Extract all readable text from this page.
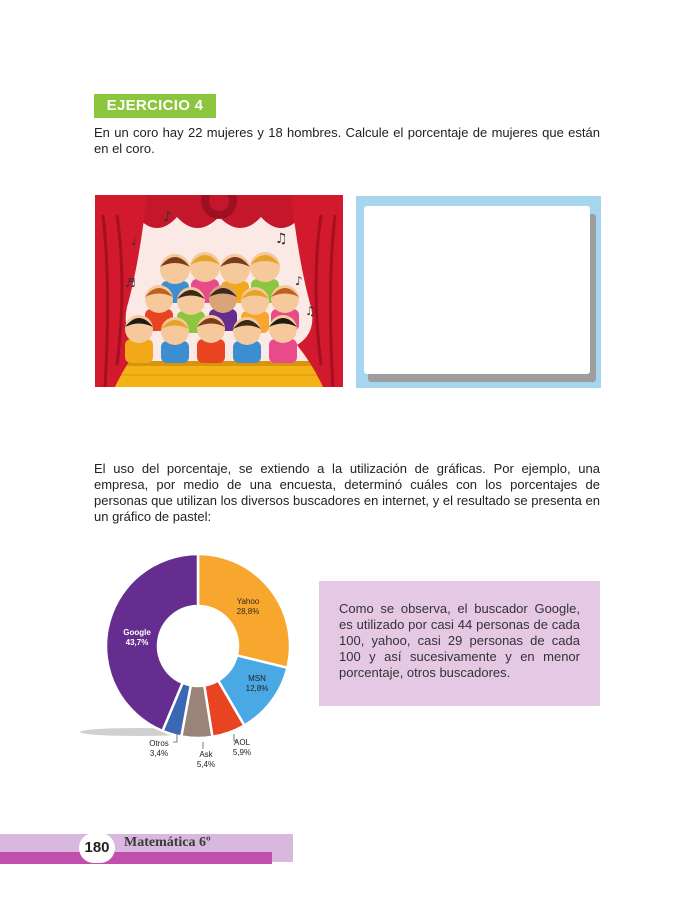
EJERCICIO 4

En un coro hay 22 mujeres y 18 hombres. Calcule el porcentaje de mujeres que están en el coro.

♪
♫
♩
♪
♬
♫

El uso del porcentaje, se extiendo a la utilización de gráficas. Por ejemplo, una empresa, por medio de una encuesta, determinó cuáles con los porcentajes de personas que utilizan los diversos buscadores en internet, y el resultado se presenta en un gráfico de pastel:

Yahoo
28,8%
MSN
12,8%
AOL
5,9%
Ask
5,4%
Otros
3,4%
Google
43,7%

Como se observa, el buscador Google, es utilizado por casi 44 personas de cada 100, yahoo, casi 29 personas de cada 100 y así sucesivamente y en menor porcentaje, otros buscadores.

180	Matemática 6º
